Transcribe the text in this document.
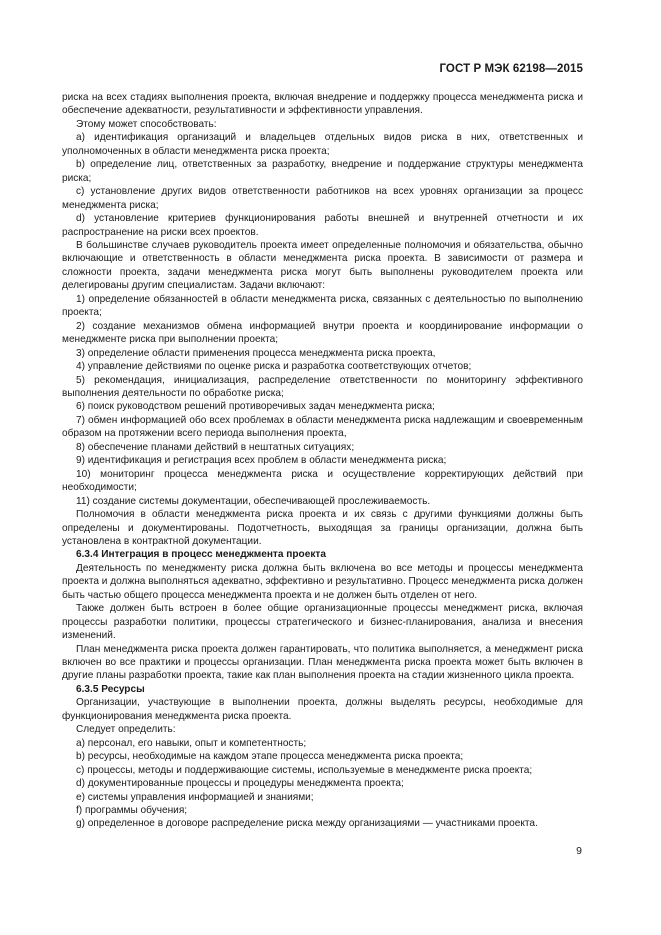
ГОСТ Р МЭК 62198—2015

риска на всех стадиях выполнения проекта, включая внедрение и поддержку процесса менеджмента риска и обеспечение адекватности, результативности и эффективности управления.

Этому может способствовать:

a) идентификация организаций и владельцев отдельных видов риска в них, ответственных и уполномоченных в области менеджмента риска проекта;

b) определение лиц, ответственных за разработку, внедрение и поддержание структуры менеджмента риска;

c) установление других видов ответственности работников на всех уровнях организации за процесс менеджмента риска;

d) установление критериев функционирования работы внешней и внутренней отчетности и их распространение на риски всех проектов.

В большинстве случаев руководитель проекта имеет определенные полномочия и обязательства, обычно включающие и ответственность в области менеджмента риска проекта. В зависимости от размера и сложности проекта, задачи менеджмента риска могут быть выполнены руководителем проекта или делегированы другим специалистам. Задачи включают:

1) определение обязанностей в области менеджмента риска, связанных с деятельностью по выполнению проекта;

2) создание механизмов обмена информацией внутри проекта и координирование информации о менеджменте риска при выполнении проекта;

3) определение области применения процесса менеджмента риска проекта,

4) управление действиями по оценке риска и разработка соответствующих отчетов;

5) рекомендация, инициализация, распределение ответственности по мониторингу эффективного выполнения деятельности по обработке риска;

6) поиск руководством решений противоречивых задач менеджмента риска;

7) обмен информацией обо всех проблемах в области менеджмента риска надлежащим и своевременным образом на протяжении всего периода выполнения проекта,

8) обеспечение планами действий в нештатных ситуациях;

9) идентификация и регистрация всех проблем в области менеджмента риска;

10) мониторинг процесса менеджмента риска и осуществление корректирующих действий при необходимости;

11) создание системы документации, обеспечивающей прослеживаемость.

Полномочия в области менеджмента риска проекта и их связь с другими функциями должны быть определены и документированы. Подотчетность, выходящая за границы организации, должна быть установлена в контрактной документации.

6.3.4 Интеграция в процесс менеджмента проекта

Деятельность по менеджменту риска должна быть включена во все методы и процессы менеджмента проекта и должна выполняться адекватно, эффективно и результативно. Процесс менеджмента риска должен быть частью общего процесса менеджмента проекта и не должен быть отделен от него.

Также должен быть встроен в более общие организационные процессы менеджмент риска, включая процессы разработки политики, процессы стратегического и бизнес-планирования, анализа и внесения изменений.

План менеджмента риска проекта должен гарантировать, что политика выполняется, а менеджмент риска включен во все практики и процессы организации. План менеджмента риска проекта может быть включен в другие планы разработки проекта, такие как план выполнения проекта на стадии жизненного цикла проекта.

6.3.5 Ресурсы

Организации, участвующие в выполнении проекта, должны выделять ресурсы, необходимые для функционирования менеджмента риска проекта.

Следует определить:

a) персонал, его навыки, опыт и компетентность;

b) ресурсы, необходимые на каждом этапе процесса менеджмента риска проекта;

c) процессы, методы и поддерживающие системы, используемые в менеджменте риска проекта;

d) документированные процессы и процедуры менеджмента проекта;

e) системы управления информацией и знаниями;

f) программы обучения;

g) определенное в договоре распределение риска между организациями — участниками проекта.

9
